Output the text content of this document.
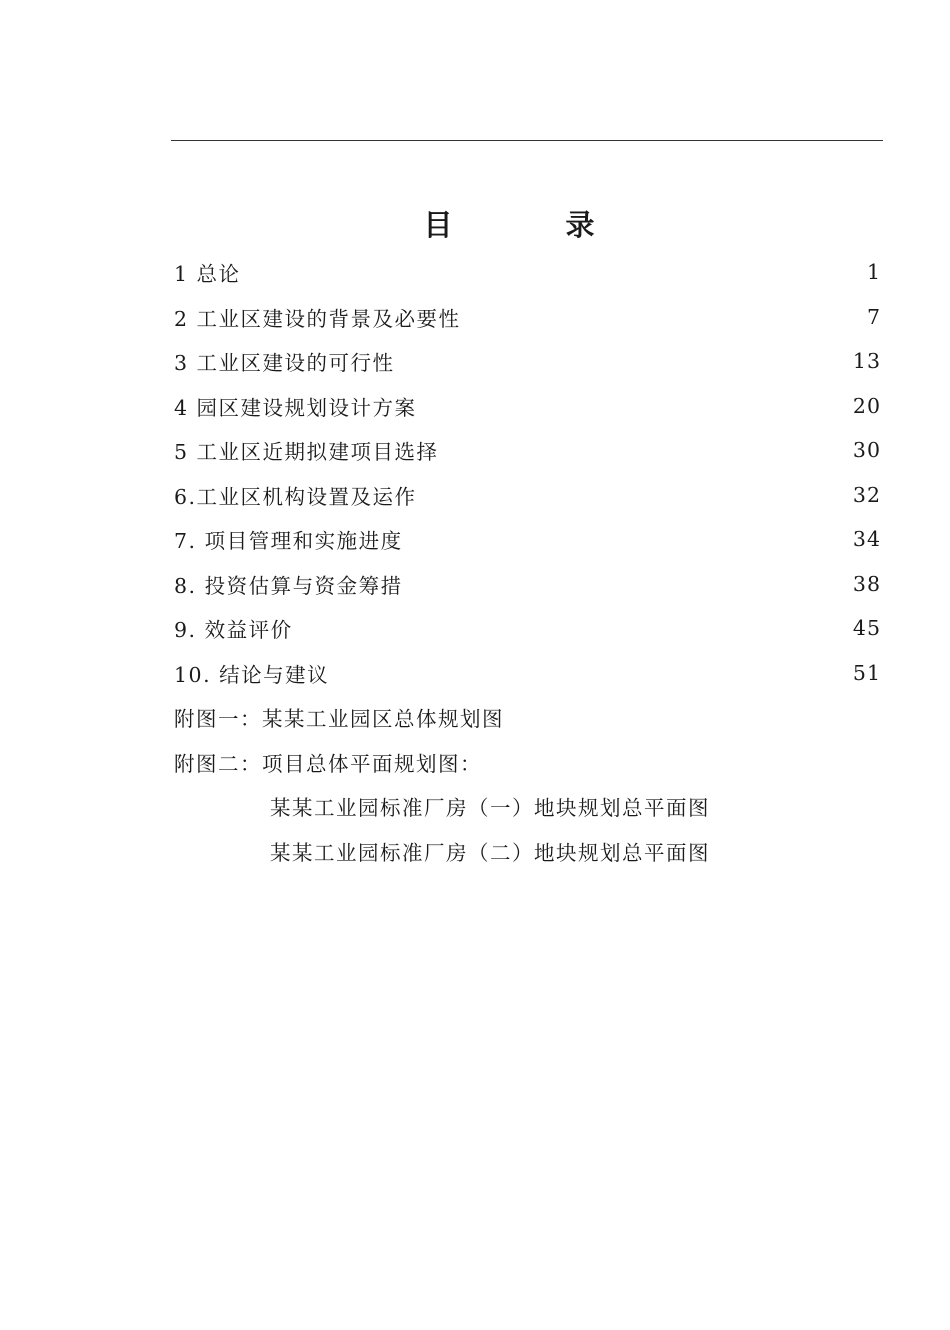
目　录
1 总论	1
2 工业区建设的背景及必要性	7
3 工业区建设的可行性	13
4 园区建设规划设计方案	20
5 工业区近期拟建项目选择	30
6.工业区机构设置及运作	32
7. 项目管理和实施进度	34
8. 投资估算与资金筹措	38
9. 效益评价	45
10. 结论与建议	51
附图一：某某工业园区总体规划图
附图二：项目总体平面规划图：
某某工业园标准厂房（一）地块规划总平面图
某某工业园标准厂房（二）地块规划总平面图
